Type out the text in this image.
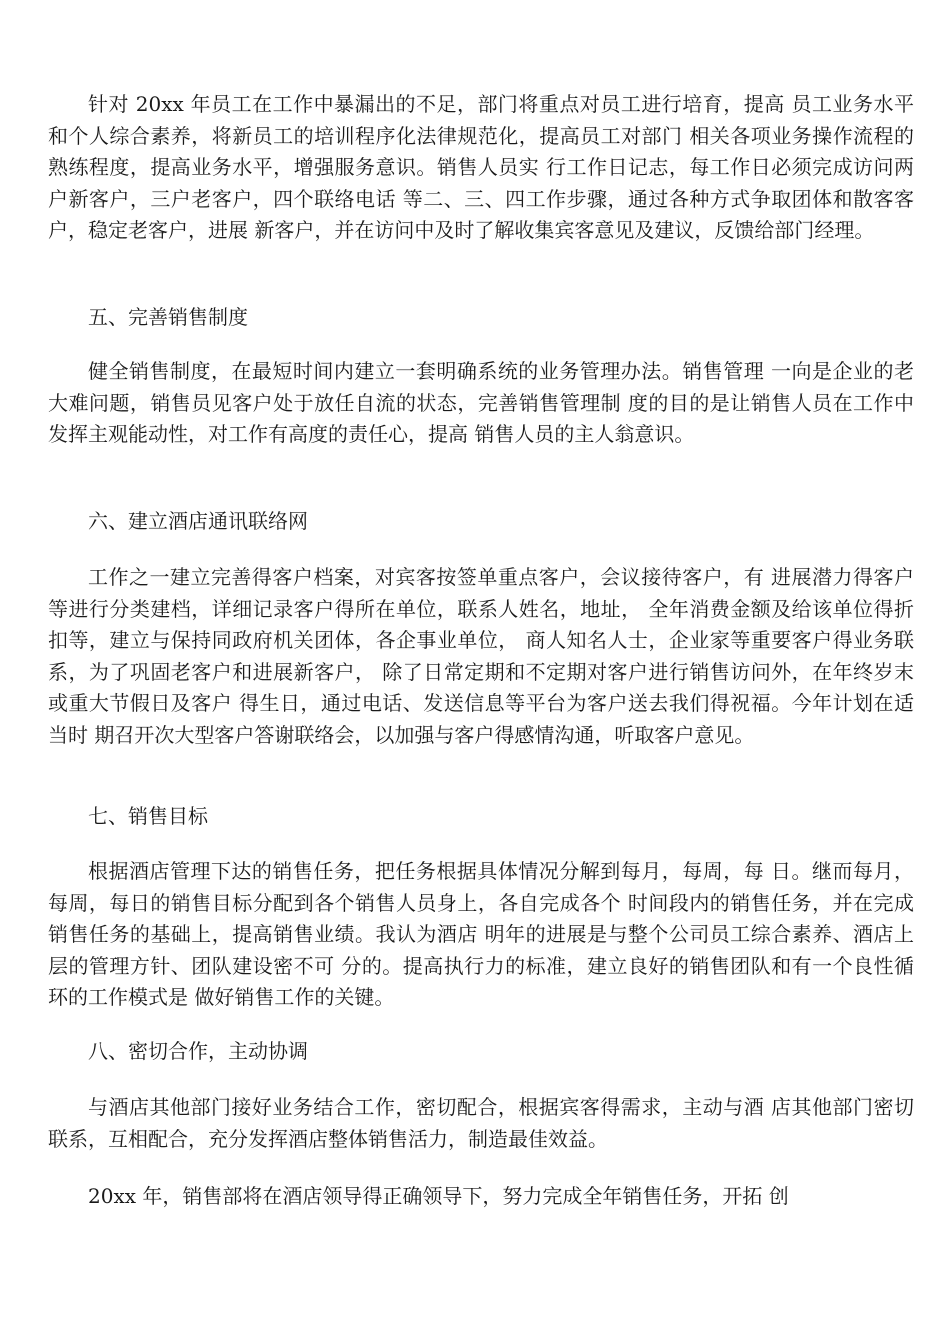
针对 20xx 年员工在工作中暴漏出的不足，部门将重点对员工进行培育，提高 员工业务水平和个人综合素养，将新员工的培训程序化法律规范化，提高员工对部门 相关各项业务操作流程的熟练程度，提高业务水平，增强服务意识。销售人员实 行工作日记志，每工作日必须完成访问两户新客户，三户老客户，四个联络电话 等二、三、四工作步骤，通过各种方式争取团体和散客客户，稳定老客户，进展 新客户，并在访问中及时了解收集宾客意见及建议，反馈给部门经理。

五、完善销售制度

健全销售制度，在最短时间内建立一套明确系统的业务管理办法。销售管理 一向是企业的老大难问题，销售员见客户处于放任自流的状态，完善销售管理制 度的目的是让销售人员在工作中发挥主观能动性，对工作有高度的责任心，提高 销售人员的主人翁意识。

六、建立酒店通讯联络网

工作之一建立完善得客户档案，对宾客按签单重点客户，会议接待客户，有 进展潜力得客户等进行分类建档，详细记录客户得所在单位，联系人姓名，地址， 全年消费金额及给该单位得折扣等，建立与保持同政府机关团体，各企事业单位， 商人知名人士，企业家等重要客户得业务联系，为了巩固老客户和进展新客户， 除了日常定期和不定期对客户进行销售访问外，在年终岁末或重大节假日及客户 得生日，通过电话、发送信息等平台为客户送去我们得祝福。今年计划在适当时 期召开次大型客户答谢联络会，以加强与客户得感情沟通，听取客户意见。

七、销售目标

根据酒店管理下达的销售任务，把任务根据具体情况分解到每月，每周，每 日。继而每月，每周，每日的销售目标分配到各个销售人员身上，各自完成各个 时间段内的销售任务，并在完成销售任务的基础上，提高销售业绩。我认为酒店 明年的进展是与整个公司员工综合素养、酒店上层的管理方针、团队建设密不可 分的。提高执行力的标准，建立良好的销售团队和有一个良性循环的工作模式是 做好销售工作的关键。

八、密切合作，主动协调

与酒店其他部门接好业务结合工作，密切配合，根据宾客得需求，主动与酒 店其他部门密切联系，互相配合，充分发挥酒店整体销售活力，制造最佳效益。

20xx 年，销售部将在酒店领导得正确领导下，努力完成全年销售任务，开拓 创
